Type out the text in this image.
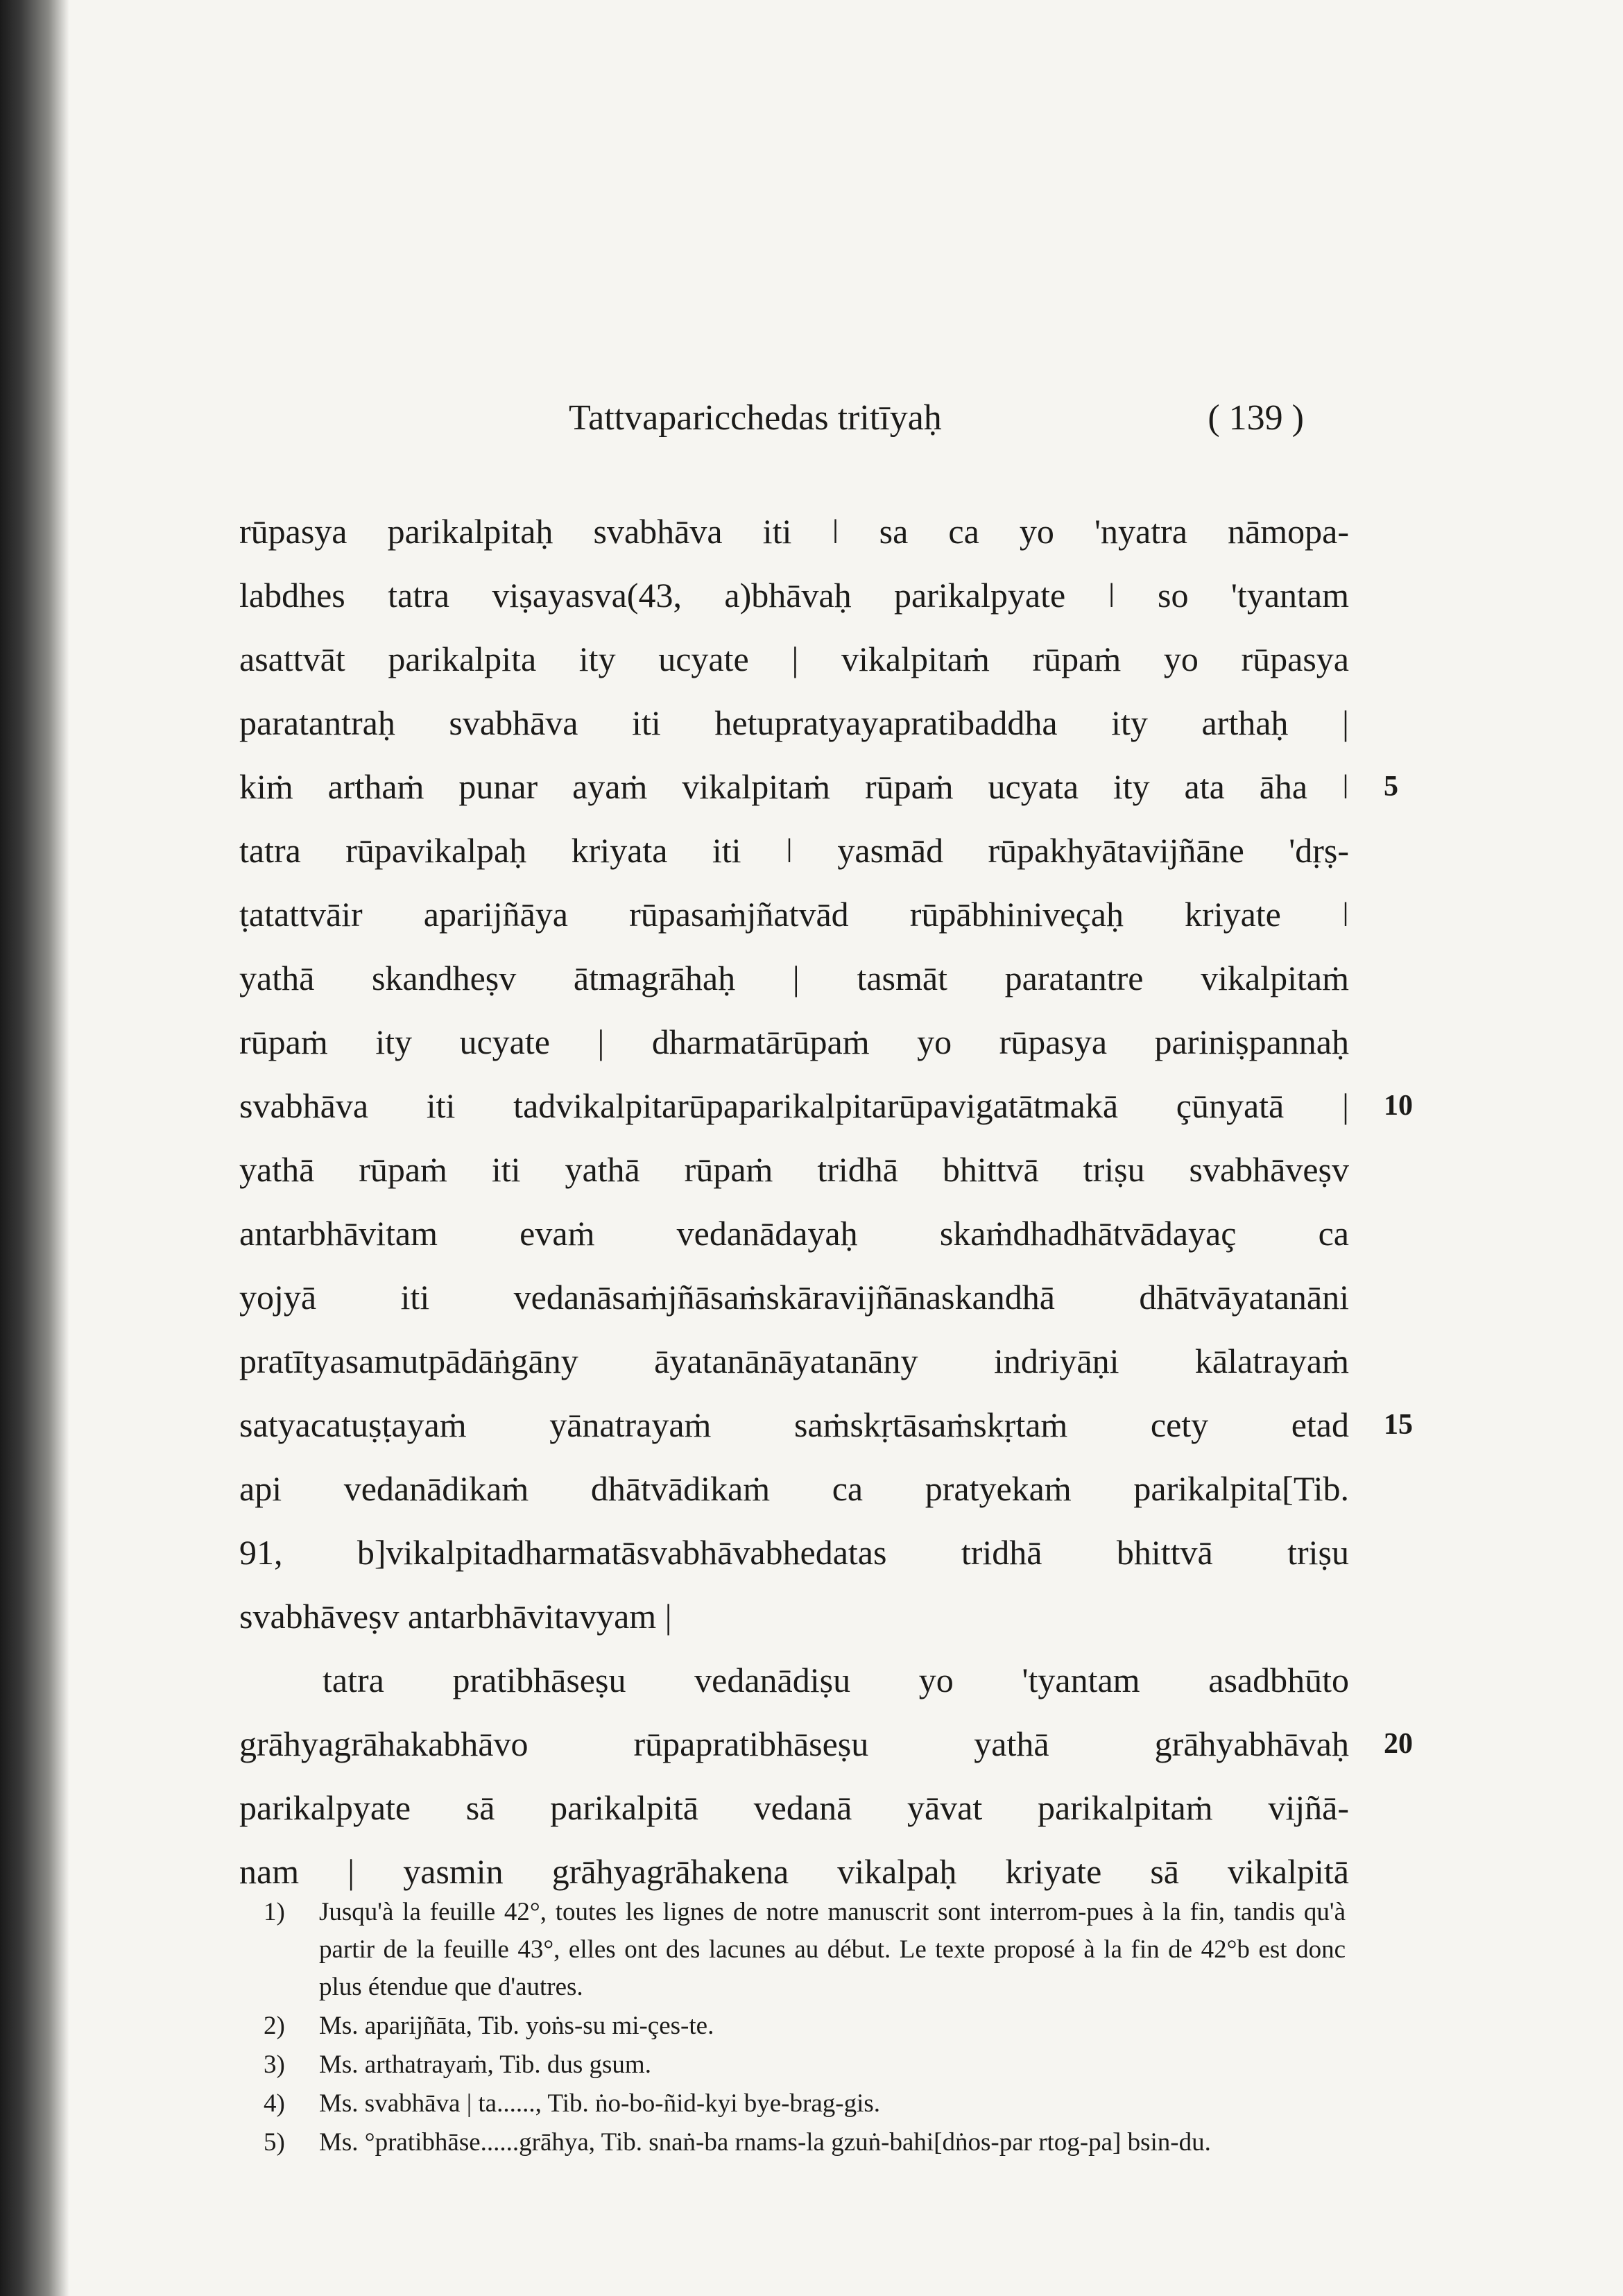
Tattvaparicchedas tritīyaḥ	( 139 )
rūpasya parikalpitaḥ svabhāva iti ǀ sa ca yo 'nyatra nāmopa-
labdhes tatra viṣayasva(43, a)bhāvaḥ parikalpyate ǀ so 'tyantam
asattvāt parikalpita ity ucyate | vikalpitaṁ rūpaṁ yo rūpasya
paratantraḥ svabhāva iti hetupratyayapratibaddha ity arthaḥ |
kiṁ arthaṁ punar ayaṁ vikalpitaṁ rūpaṁ ucyata ity ata āha ǀ
tatra rūpavikalpaḥ kriyata iti ǀ yasmād rūpakhyātavijñāne 'dṛṣ-
ṭatattvāir aparijñāya rūpasaṁjñatvād rūpābhiniveçaḥ kriyate ǀ
yathā skandheṣv ātmagrāhaḥ | tasmāt paratantre vikalpitaṁ
rūpaṁ ity ucyate | dharmatārūpaṁ yo rūpasya pariniṣpannaḥ
svabhāva iti tadvikalpitarūpaparikalpitarūpavigatātmakā çūnyatā |
yathā rūpaṁ iti yathā rūpaṁ tridhā bhittvā triṣu svabhāveṣv
antarbhāvitam evaṁ vedanādayaḥ skaṁdhadhātvādayaç ca
yojyā iti vedanāsaṁjñāsaṁskāravijñānaskandhā dhātvāyatanāni
pratītyasamutpādāṅgāny āyatanānāyatanāny indriyāṇi kālatrayaṁ
satyacatuṣṭayaṁ yānatrayaṁ saṁskṛtāsaṁskṛtaṁ cety etad
api vedanādikaṁ dhātvādikaṁ ca pratyekaṁ parikalpita[Tib.
91, b]vikalpitadharmatāsvabhāvabhedatas tridhā bhittvā triṣu
svabhāveṣv antarbhāvitavyam |
tatra pratibhāseṣu vedanādiṣu yo 'tyantam asadbhūto
grāhyagrāhakabhāvo rūpapratibhāseṣu yathā grāhyabhāvaḥ
parikalpyate sā parikalpitā vedanā yāvat parikalpitaṁ vijñā-
nam | yasmin grāhyagrāhakena vikalpaḥ kriyate sā vikalpitā
5
10
15
20
1)	Jusqu'à la feuille 42°, toutes les lignes de notre manuscrit sont interrom-pues à la fin, tandis qu'à partir de la feuille 43°, elles ont des lacunes au début. Le texte proposé à la fin de 42°b est donc plus étendue que d'autres.
2)	Ms. aparijñāta, Tib. yoṅs-su mi-çes-te.
3)	Ms. arthatrayaṁ, Tib. dus gsum.
4)	Ms. svabhāva | ta......, Tib. ṅo-bo-ñid-kyi bye-brag-gis.
5)	Ms. °pratibhāse......grāhya, Tib. snaṅ-ba rnams-la gzuṅ-bahi[dṅos-par rtog-pa] bsin-du.
